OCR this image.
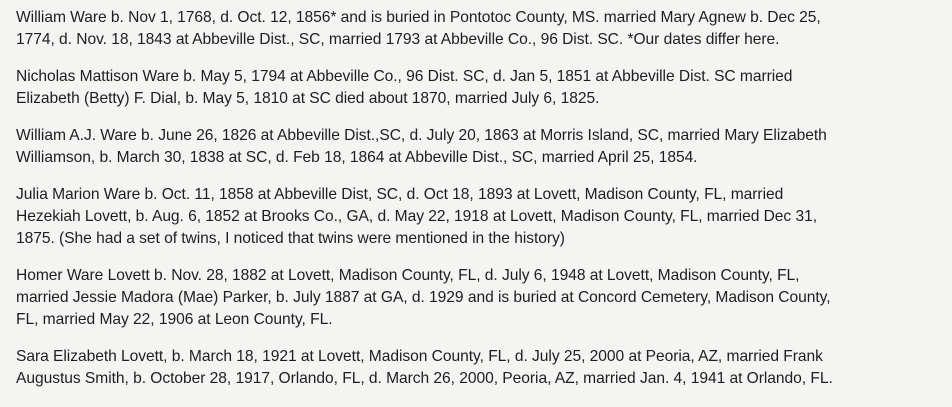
William Ware b. Nov 1, 1768, d. Oct. 12, 1856* and is buried in Pontotoc County, MS. married Mary Agnew b. Dec 25,
1774, d. Nov. 18, 1843 at Abbeville Dist., SC, married 1793 at Abbeville Co., 96 Dist. SC. *Our dates differ here.
Nicholas Mattison Ware b. May 5, 1794 at Abbeville Co., 96 Dist. SC, d. Jan 5, 1851 at Abbeville Dist. SC married
Elizabeth (Betty) F. Dial, b. May 5, 1810 at SC died about 1870, married July 6, 1825.
William A.J. Ware b. June 26, 1826 at Abbeville Dist.,SC, d. July 20, 1863 at Morris Island, SC, married Mary Elizabeth
Williamson, b. March 30, 1838 at SC, d. Feb 18, 1864 at Abbeville Dist., SC, married April 25, 1854.
Julia Marion Ware b. Oct. 11, 1858 at Abbeville Dist, SC, d. Oct 18, 1893 at Lovett, Madison County, FL, married
Hezekiah Lovett, b. Aug. 6, 1852 at Brooks Co., GA, d. May 22, 1918 at Lovett, Madison County, FL, married Dec 31,
1875. (She had a set of twins, I noticed that twins were mentioned in the history)
Homer Ware Lovett b. Nov. 28, 1882 at Lovett, Madison County, FL, d. July 6, 1948 at Lovett, Madison County, FL,
married Jessie Madora (Mae) Parker, b. July 1887 at GA, d. 1929 and is buried at Concord Cemetery, Madison County,
FL, married May 22, 1906 at Leon County, FL.
Sara Elizabeth Lovett, b. March 18, 1921 at Lovett, Madison County, FL, d. July 25, 2000 at Peoria, AZ, married Frank
Augustus Smith, b. October 28, 1917, Orlando, FL, d. March 26, 2000, Peoria, AZ, married Jan. 4, 1941 at Orlando, FL.
